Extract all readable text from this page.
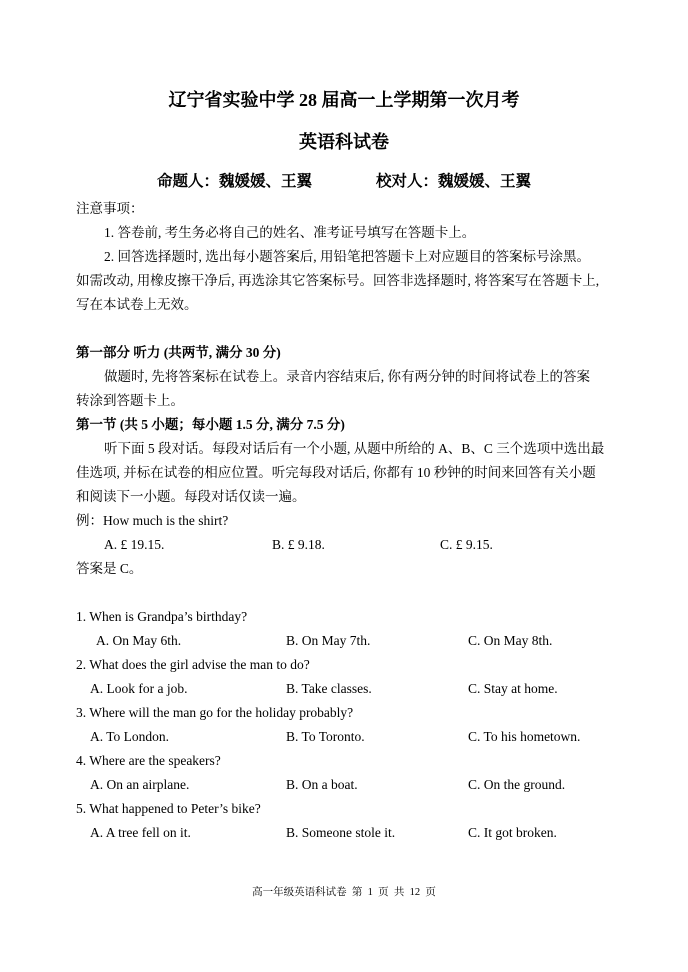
辽宁省实验中学 28 届高一上学期第一次月考
英语科试卷
命题人：魏媛媛、王翼	校对人：魏媛媛、王翼
注意事项：
1. 答卷前, 考生务必将自己的姓名、准考证号填写在答题卡上。
2. 回答选择题时, 选出每小题答案后, 用铅笔把答题卡上对应题目的答案标号涂黑。
如需改动, 用橡皮擦干净后, 再选涂其它答案标号。回答非选择题时, 将答案写在答题卡上,
写在本试卷上无效。
第一部分 听力 (共两节, 满分 30 分)
做题时, 先将答案标在试卷上。录音内容结束后, 你有两分钟的时间将试卷上的答案
转涂到答题卡上。
第一节 (共 5 小题；每小题 1.5 分, 满分 7.5 分)
听下面 5 段对话。每段对话后有一个小题, 从题中所给的 A、B、C 三个选项中选出最
佳选项, 并标在试卷的相应位置。听完每段对话后, 你都有 10 秒钟的时间来回答有关小题
和阅读下一小题。每段对话仅读一遍。
例：How much is the shirt?
A. £ 19.15.	B. £ 9.18.	C. £ 9.15.
答案是 C。
1. When is Grandpa’s birthday?
A. On May 6th.	B. On May 7th.	C. On May 8th.
2. What does the girl advise the man to do?
A. Look for a job.	B. Take classes.	C. Stay at home.
3. Where will the man go for the holiday probably?
A. To London.	B. To Toronto.	C. To his hometown.
4. Where are the speakers?
A. On an airplane.	B. On a boat.	C. On the ground.
5. What happened to Peter’s bike?
A. A tree fell on it.	B. Someone stole it.	C. It got broken.
高一年级英语科试卷  第  1  页  共  12  页
